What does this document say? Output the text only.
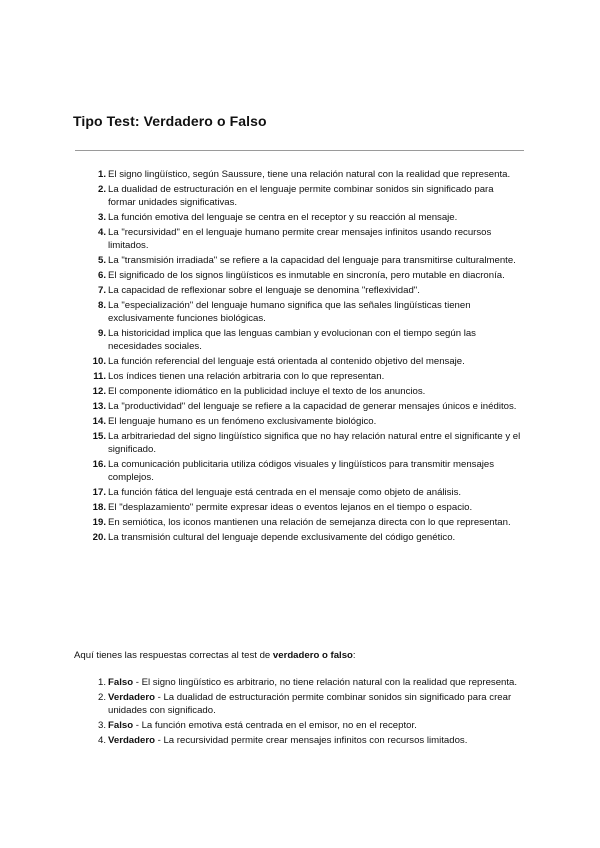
Tipo Test: Verdadero o Falso
1. El signo lingüístico, según Saussure, tiene una relación natural con la realidad que representa.
2. La dualidad de estructuración en el lenguaje permite combinar sonidos sin significado para formar unidades significativas.
3. La función emotiva del lenguaje se centra en el receptor y su reacción al mensaje.
4. La "recursividad" en el lenguaje humano permite crear mensajes infinitos usando recursos limitados.
5. La "transmisión irradiada" se refiere a la capacidad del lenguaje para transmitirse culturalmente.
6. El significado de los signos lingüísticos es inmutable en sincronía, pero mutable en diacronía.
7. La capacidad de reflexionar sobre el lenguaje se denomina "reflexividad".
8. La "especialización" del lenguaje humano significa que las señales lingüísticas tienen exclusivamente funciones biológicas.
9. La historicidad implica que las lenguas cambian y evolucionan con el tiempo según las necesidades sociales.
10. La función referencial del lenguaje está orientada al contenido objetivo del mensaje.
11. Los índices tienen una relación arbitraria con lo que representan.
12. El componente idiomático en la publicidad incluye el texto de los anuncios.
13. La "productividad" del lenguaje se refiere a la capacidad de generar mensajes únicos e inéditos.
14. El lenguaje humano es un fenómeno exclusivamente biológico.
15. La arbitrariedad del signo lingüístico significa que no hay relación natural entre el significante y el significado.
16. La comunicación publicitaria utiliza códigos visuales y lingüísticos para transmitir mensajes complejos.
17. La función fática del lenguaje está centrada en el mensaje como objeto de análisis.
18. El "desplazamiento" permite expresar ideas o eventos lejanos en el tiempo o espacio.
19. En semiótica, los iconos mantienen una relación de semejanza directa con lo que representan.
20. La transmisión cultural del lenguaje depende exclusivamente del código genético.
Aquí tienes las respuestas correctas al test de verdadero o falso:
1. Falso - El signo lingüístico es arbitrario, no tiene relación natural con la realidad que representa.
2. Verdadero - La dualidad de estructuración permite combinar sonidos sin significado para crear unidades con significado.
3. Falso - La función emotiva está centrada en el emisor, no en el receptor.
4. Verdadero - La recursividad permite crear mensajes infinitos con recursos limitados.
